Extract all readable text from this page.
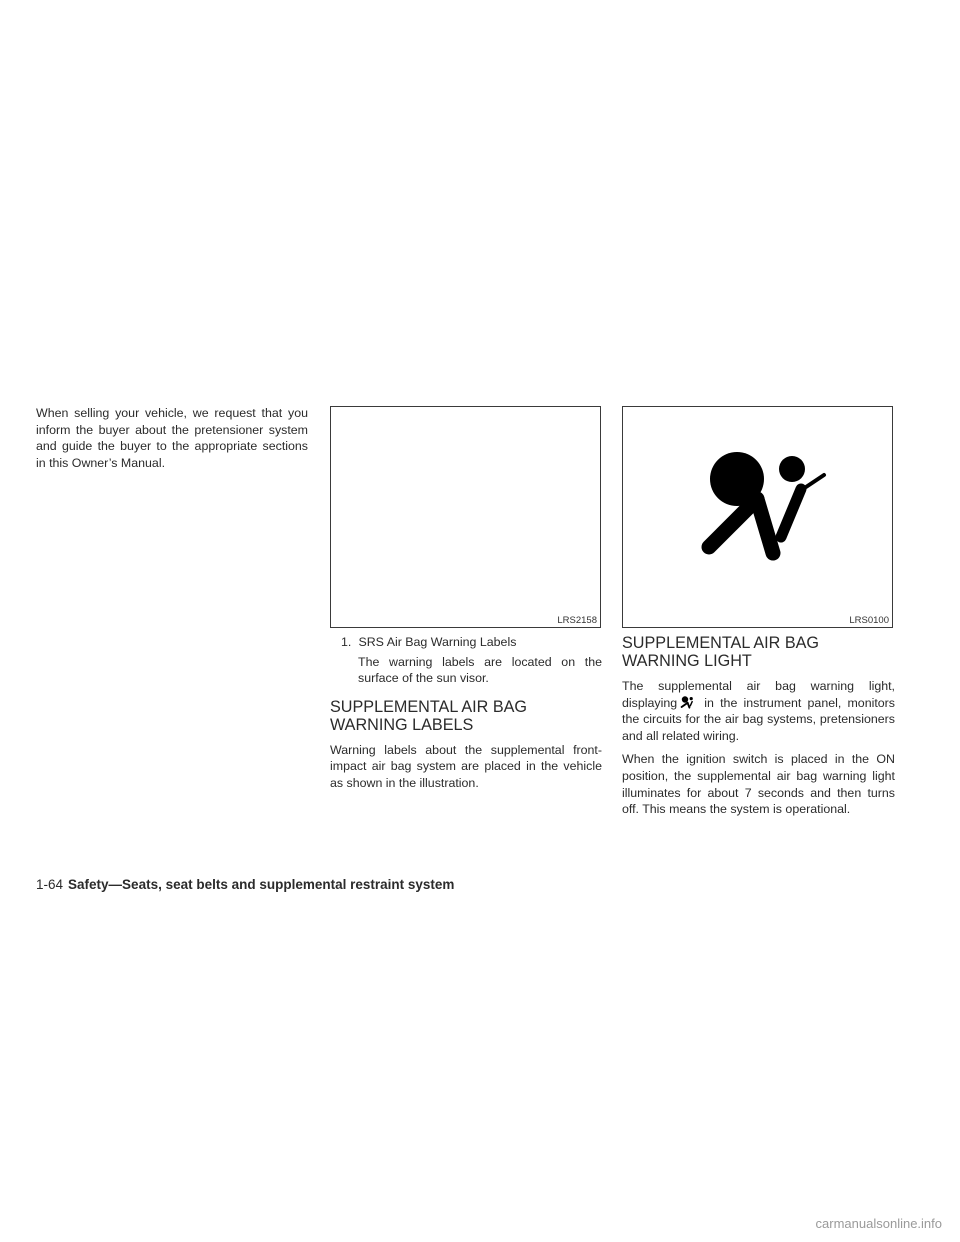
When selling your vehicle, we request that you inform the buyer about the pretensioner system and guide the buyer to the appropriate sections in this Owner’s Manual.

LRS2158
1. SRS Air Bag Warning Labels

The warning labels are located on the surface of the sun visor.

SUPPLEMENTAL AIR BAG
WARNING LABELS

Warning labels about the supplemental front-impact air bag system are placed in the vehicle as shown in the illustration.

LRS0100
SUPPLEMENTAL AIR BAG
WARNING LIGHT

The supplemental air bag warning light, displaying in the instrument panel, monitors the circuits for the air bag systems, pretensioners and all related wiring.

When the ignition switch is placed in the ON position, the supplemental air bag warning light illuminates for about 7 seconds and then turns off. This means the system is operational.

1-64 Safety—Seats, seat belts and supplemental restraint system
carmanualsonline.info
